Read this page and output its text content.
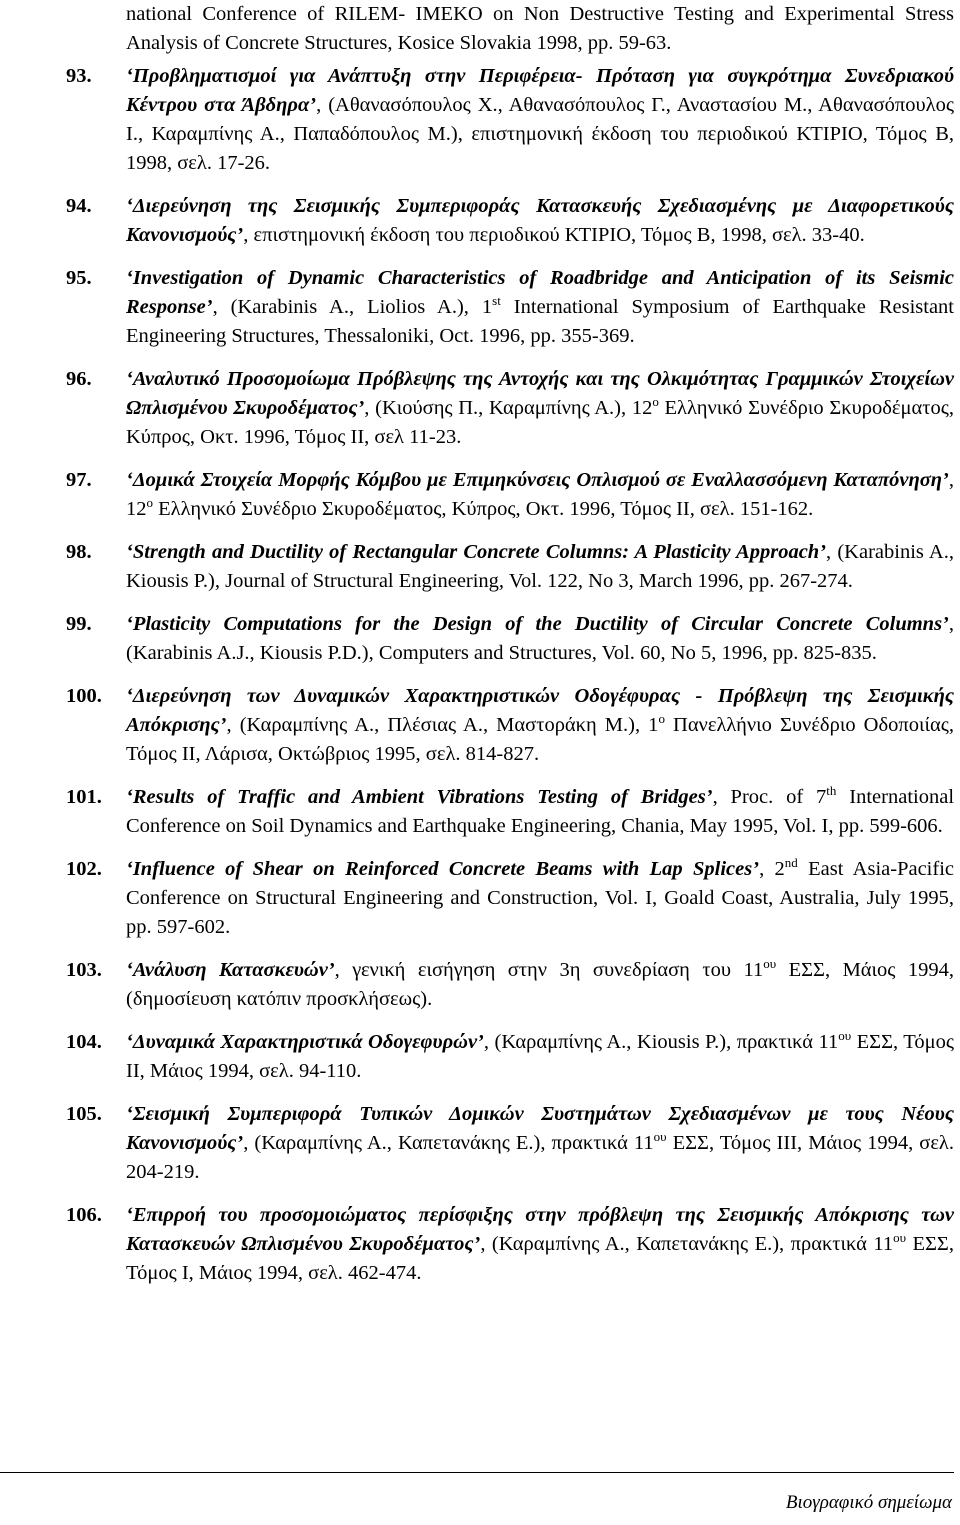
national Conference of RILEM- IMEKO on Non Destructive Testing and Experimental Stress Analysis of Concrete Structures, Kosice Slovakia 1998, pp. 59-63.
93. ‘Προβληματισμοί για Ανάπτυξη στην Περιφέρεια- Πρόταση για συγκρότημα Συνεδριακού Κέντρου στα Άβδηρα’, (Αθανασόπουλος Χ., Αθανασόπουλος Γ., Αναστασίου Μ., Αθανασόπουλος Ι., Καραμπίνης Α., Παπαδόπουλος Μ.), επιστημονική έκδοση του περιοδικού ΚΤΙΡΙΟ, Τόμος Β, 1998, σελ. 17-26.
94. ‘Διερεύνηση της Σεισμικής Συμπεριφοράς Κατασκευής Σχεδιασμένης με Διαφορετικούς Κανονισμούς’, επιστημονική έκδοση του περιοδικού ΚΤΙΡΙΟ, Τόμος Β, 1998, σελ. 33-40.
95. ‘Investigation of Dynamic Characteristics of Roadbridge and Anticipation of its Seismic Response’, (Karabinis A., Liolios A.), 1st International Symposium of Earthquake Resistant Engineering Structures, Thessaloniki, Oct. 1996, pp. 355-369.
96. ‘Αναλυτικό Προσομοίωμα Πρόβλεψης της Αντοχής και της Ολκιμότητας Γραμμικών Στοιχείων Ωπλισμένου Σκυροδέματος’, (Κιούσης Π., Καραμπίνης Α.), $12^o$ Ελληνικό Συνέδριο Σκυροδέματος, Κύπρος, Οκτ. 1996, Τόμος ΙΙ, σελ 11-23.
97. ‘Δομικά Στοιχεία Μορφής Κόμβου με Επιμηκύνσεις Οπλισμού σε Εναλλασσόμενη Καταπόνηση’, $12^o$ Ελληνικό Συνέδριο Σκυροδέματος, Κύπρος, Οκτ. 1996, Τόμος ΙΙ, σελ. 151-162.
98. ‘Strength and Ductility of Rectangular Concrete Columns: A Plasticity Approach’, (Karabinis A., Kiousis P.), Journal of Structural Engineering, Vol. 122, No 3, March 1996, pp. 267-274.
99. ‘Plasticity Computations for the Design of the Ductility of Circular Concrete Columns’, (Karabinis A.J., Kiousis P.D.), Computers and Structures, Vol. 60, No 5, 1996, pp. 825-835.
100. ‘Διερεύνηση των Δυναμικών Χαρακτηριστικών Οδογέφυρας - Πρόβλεψη της Σεισμικής Απόκρισης’, (Καραμπίνης Α., Πλέσιας Α., Μαστοράκη Μ.), $1^o$ Πανελλήνιο Συνέδριο Οδοποιίας, Τόμος ΙΙ, Λάρισα, Οκτώβριος 1995, σελ. 814-827.
101. ‘Results of Traffic and Ambient Vibrations Testing of Bridges’, Proc. of 7th International Conference on Soil Dynamics and Earthquake Engineering, Chania, May 1995, Vol. I, pp. 599-606.
102. ‘Influence of Shear on Reinforced Concrete Beams with Lap Splices’, 2nd East Asia-Pacific Conference on Structural Engineering and Construction, Vol. I, Goald Coast, Australia, July 1995, pp. 597-602.
103. ‘Ανάλυση Κατασκευών’, γενική εισήγηση στην 3η συνεδρίαση του $11^{o\upsilon}$ ΕΣΣ, Μάιος 1994, (δημοσίευση κατόπιν προσκλήσεως).
104. ‘Δυναμικά Χαρακτηριστικά Οδογεφυρών’, (Καραμπίνης Α., Kiousis P.), πρακτικά $11^{o\upsilon}$ ΕΣΣ, Τόμος ΙΙ, Μάιος 1994, σελ. 94-110.
105. ‘Σεισμική Συμπεριφορά Τυπικών Δομικών Συστημάτων Σχεδιασμένων με τους Νέους Κανονισμούς’, (Καραμπίνης Α., Καπετανάκης Ε.), πρακτικά $11^{o\upsilon}$ ΕΣΣ, Τόμος ΙΙΙ, Μάιος 1994, σελ. 204-219.
106. ‘Επιρροή του προσομοιώματος περίσφιξης στην πρόβλεψη της Σεισμικής Απόκρισης των Κατασκευών Ωπλισμένου Σκυροδέματος’, (Καραμπίνης Α., Καπετανάκης Ε.), πρακτικά $11^{o\upsilon}$ ΕΣΣ, Τόμος Ι, Μάιος 1994, σελ. 462-474.
Βιογραφικό σημείωμα
